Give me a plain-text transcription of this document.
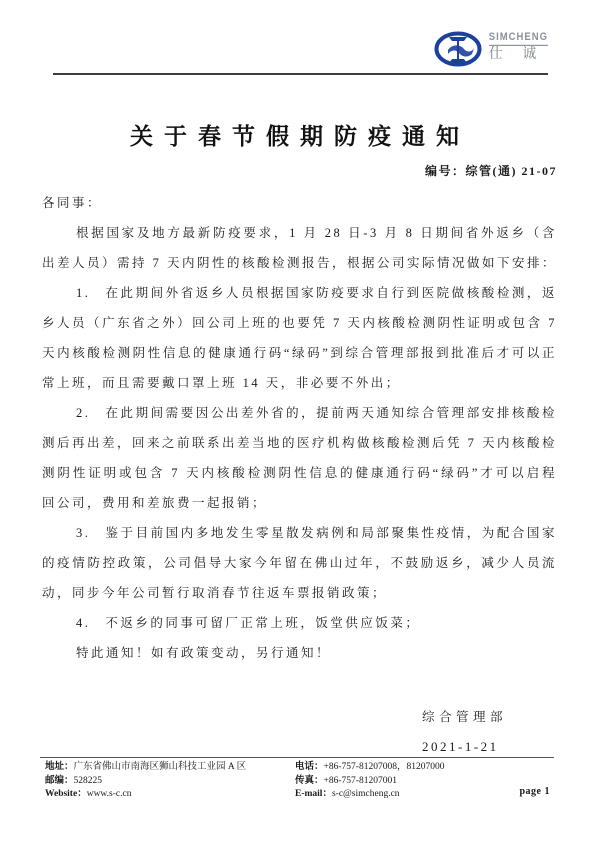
SIMCHENG
仕 诚
关于春节假期防疫通知
编号：综管(通) 21-07

各同事：

根据国家及地方最新防疫要求，1 月 28 日-3 月 8 日期间省外返乡（含出差人员）需持 7 天内阴性的核酸检测报告，根据公司实际情况做如下安排：

1.　在此期间外省返乡人员根据国家防疫要求自行到医院做核酸检测，返乡人员（广东省之外）回公司上班的也要凭 7 天内核酸检测阴性证明或包含 7 天内核酸检测阴性信息的健康通行码“绿码”到综合管理部报到批准后才可以正常上班，而且需要戴口罩上班 14 天，非必要不外出；

2.　在此期间需要因公出差外省的，提前两天通知综合管理部安排核酸检测后再出差，回来之前联系出差当地的医疗机构做核酸检测后凭 7 天内核酸检测阴性证明或包含 7 天内核酸检测阴性信息的健康通行码“绿码”才可以启程回公司，费用和差旅费一起报销；

3.　鉴于目前国内多地发生零星散发病例和局部聚集性疫情，为配合国家的疫情防控政策，公司倡导大家今年留在佛山过年，不鼓励返乡，减少人员流动，同步今年公司暂行取消春节往返车票报销政策；

4.　不返乡的同事可留厂正常上班，饭堂供应饭菜；

特此通知！如有政策变动，另行通知！

综合管理部
2021-1-21
地址：广东省佛山市南海区狮山科技工业园 A 区
邮编：528225
Website：www.s-c.cn
电话：+86-757-81207008，81207000
传真：+86-757-81207001
E-mail：s-c@simcheng.cn	page 1
